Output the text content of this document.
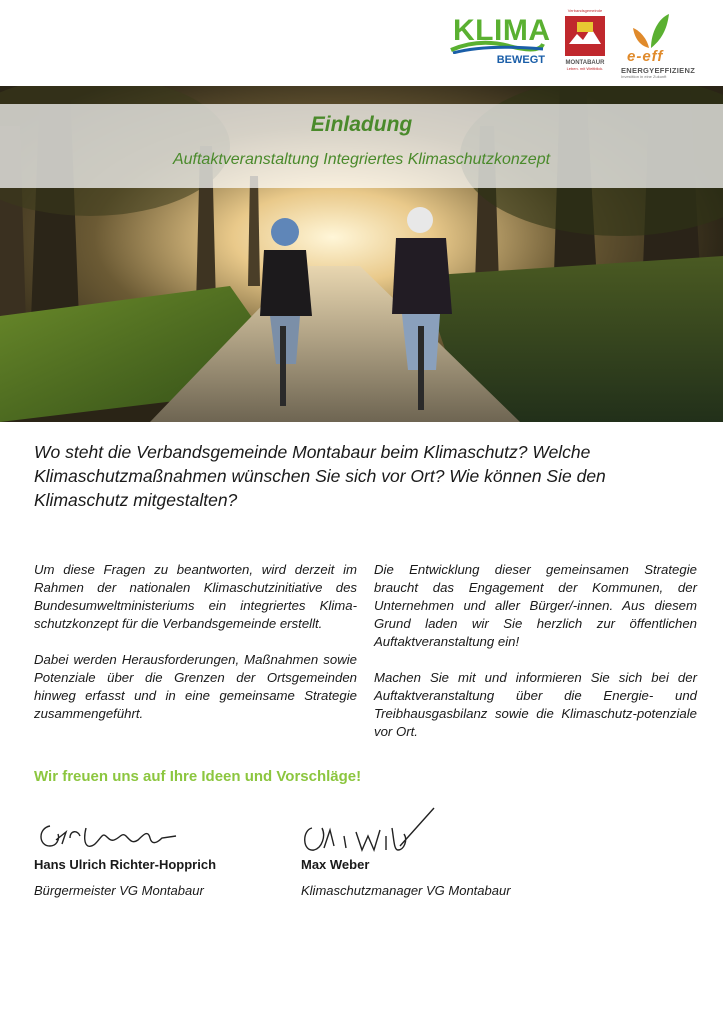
KLIMA
BEWEGT
Verbandsgemeinde
MONTABAUR
Leben. mit Weitblick.
e-eff
ENERGYEFFIZIENZ
Investition in eine Zukunft
Einladung
Auftaktveranstaltung Integriertes Klimaschutzkonzept
Wo steht die Verbandsgemeinde Montabaur beim Klimaschutz? Welche Klimaschutzmaßnahmen wünschen Sie sich vor Ort? Wie können Sie den Klimaschutz mitgestalten?

Um diese Fragen zu beantworten, wird derzeit im Rahmen der nationalen Klimaschutzinitiative des Bundesumweltministeriums ein integriertes Klima-schutzkonzept für die Verbandsgemeinde erstellt.

Dabei werden Herausforderungen, Maßnahmen sowie Potenziale über die Grenzen der Ortsgemeinden hinweg erfasst und in eine gemeinsame Strategie zusammengeführt.

Die Entwicklung dieser gemeinsamen Strategie braucht das Engagement der Kommunen, der Unternehmen und aller Bürger/-innen. Aus diesem Grund laden wir Sie herzlich zur öffentlichen Auftaktveranstaltung ein!

Machen Sie mit und informieren Sie sich bei der Auftaktveranstaltung über die Energie- und Treibhausgasbilanz sowie die Klimaschutz-potenziale vor Ort.

Wir freuen uns auf Ihre Ideen und Vorschläge!
Hans Ulrich Richter-Hopprich
Bürgermeister VG Montabaur
Max Weber
Klimaschutzmanager VG Montabaur
